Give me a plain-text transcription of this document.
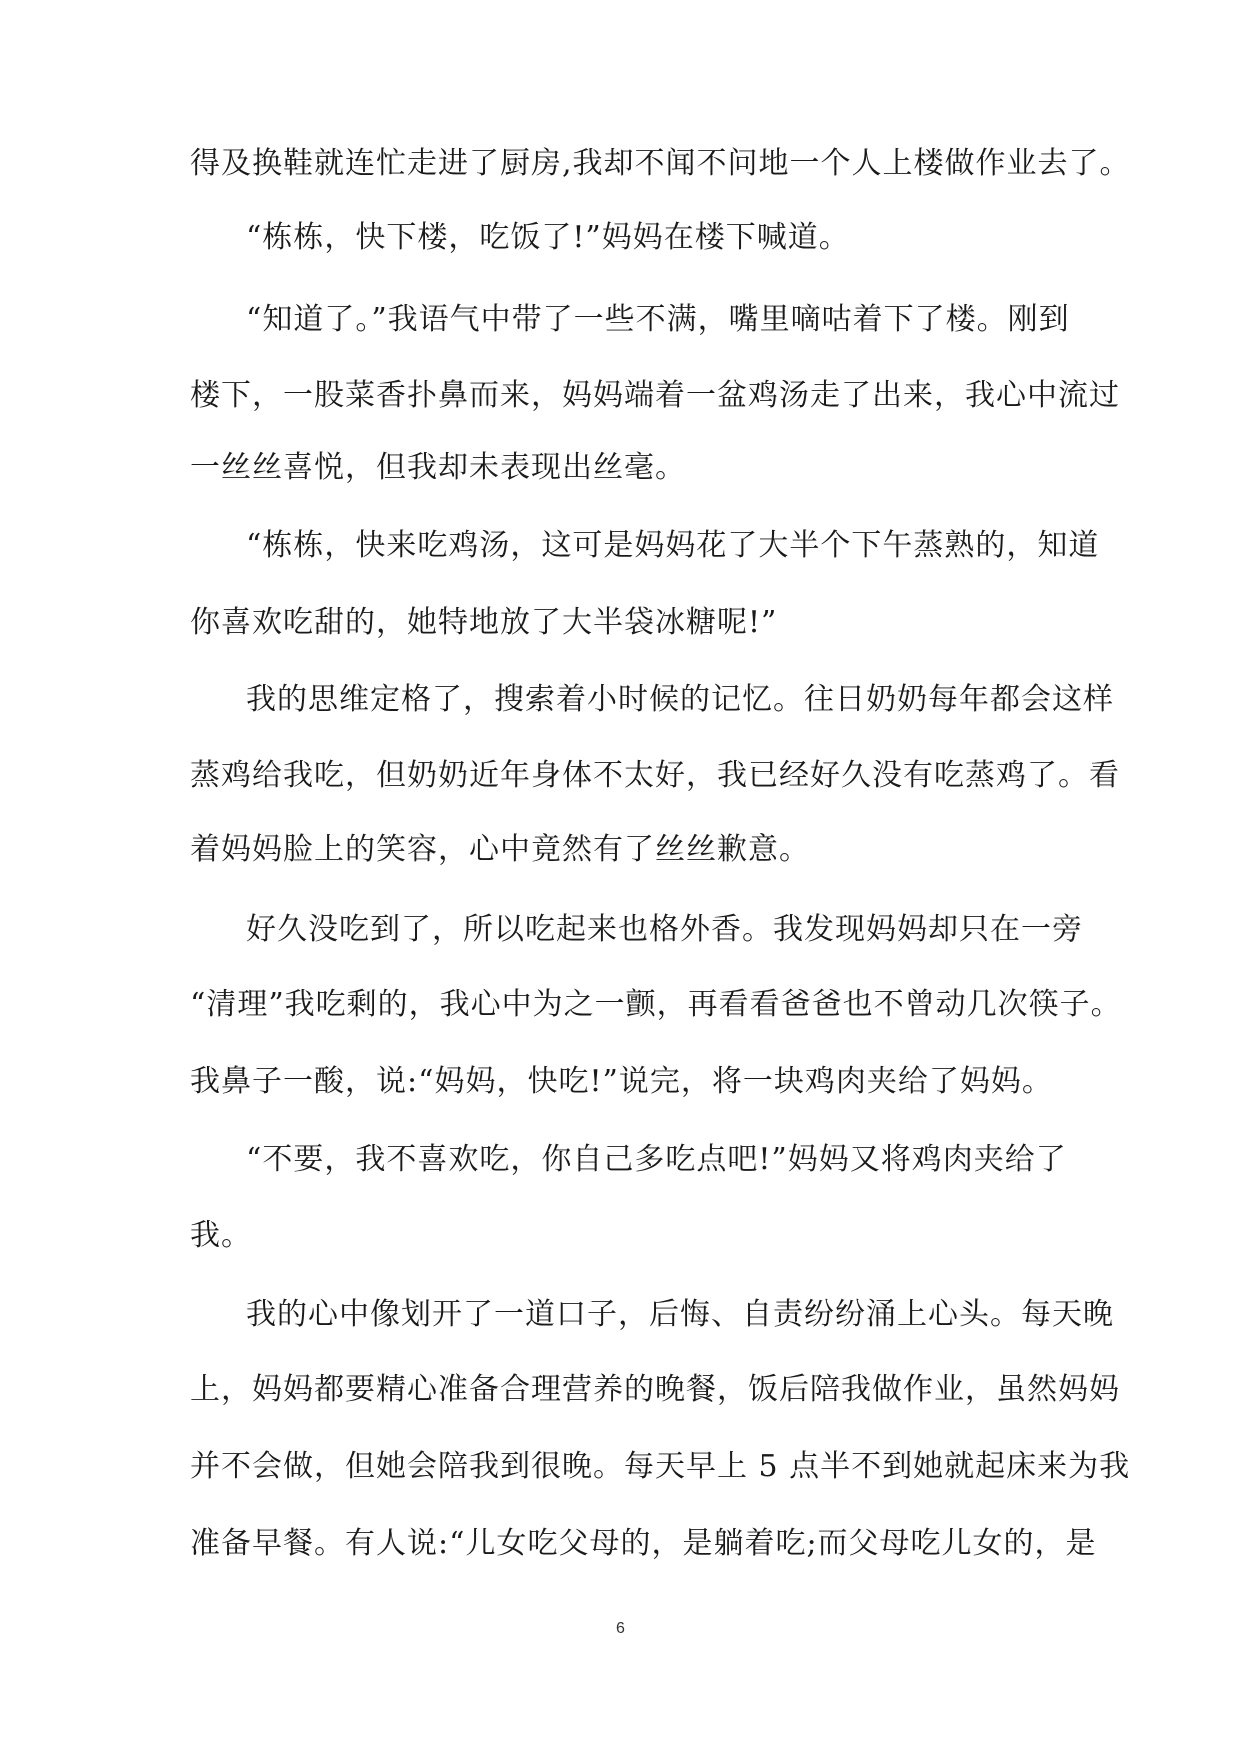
得及换鞋就连忙走进了厨房,我却不闻不问地一个人上楼做作业去了。
“栋栋，快下楼，吃饭了!”妈妈在楼下喊道。
“知道了。”我语气中带了一些不满，嘴里嘀咕着下了楼。刚到
楼下，一股菜香扑鼻而来，妈妈端着一盆鸡汤走了出来，我心中流过
一丝丝喜悦，但我却未表现出丝毫。
“栋栋，快来吃鸡汤，这可是妈妈花了大半个下午蒸熟的，知道
你喜欢吃甜的，她特地放了大半袋冰糖呢!”
我的思维定格了，搜索着小时候的记忆。往日奶奶每年都会这样
蒸鸡给我吃，但奶奶近年身体不太好，我已经好久没有吃蒸鸡了。看
着妈妈脸上的笑容，心中竟然有了丝丝歉意。
好久没吃到了，所以吃起来也格外香。我发现妈妈却只在一旁
“清理”我吃剩的，我心中为之一颤，再看看爸爸也不曾动几次筷子。
我鼻子一酸，说:“妈妈，快吃!”说完，将一块鸡肉夹给了妈妈。
“不要，我不喜欢吃，你自己多吃点吧!”妈妈又将鸡肉夹给了
我。
我的心中像划开了一道口子，后悔、自责纷纷涌上心头。每天晚
上，妈妈都要精心准备合理营养的晚餐，饭后陪我做作业，虽然妈妈
并不会做，但她会陪我到很晚。每天早上 5 点半不到她就起床来为我
准备早餐。有人说:“儿女吃父母的，是躺着吃;而父母吃儿女的，是
6
